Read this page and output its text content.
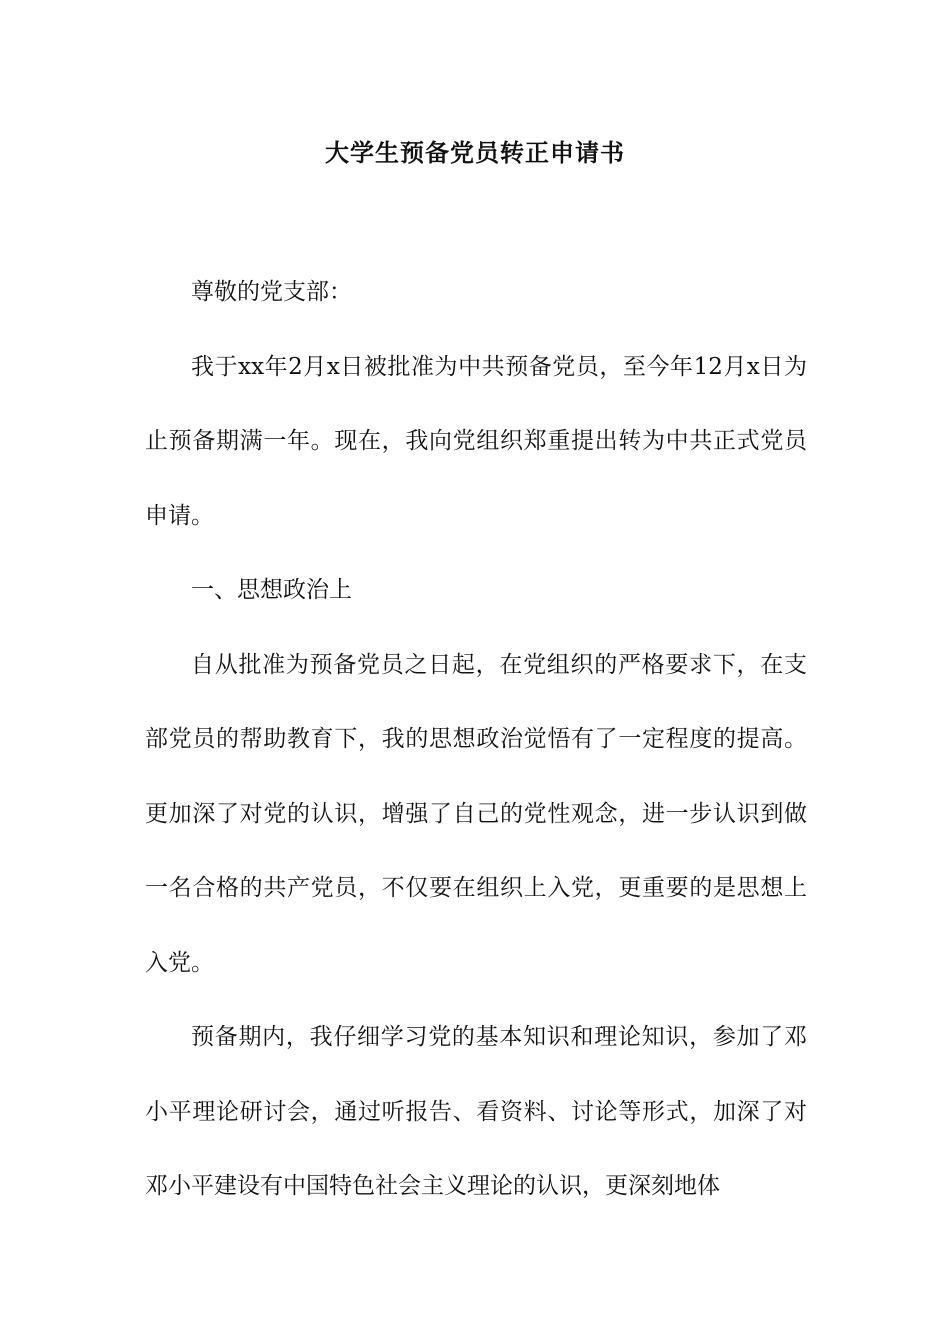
大学生预备党员转正申请书

尊敬的党支部：

我于xx年2月x日被批准为中共预备党员，至今年12月x日为止预备期满一年。现在，我向党组织郑重提出转为中共正式党员申请。

一、思想政治上

自从批准为预备党员之日起，在党组织的严格要求下，在支部党员的帮助教育下，我的思想政治觉悟有了一定程度的提高。更加深了对党的认识，增强了自己的党性观念，进一步认识到做一名合格的共产党员，不仅要在组织上入党，更重要的是思想上入党。

预备期内，我仔细学习党的基本知识和理论知识，参加了邓小平理论研讨会，通过听报告、看资料、讨论等形式，加深了对邓小平建设有中国特色社会主义理论的认识，更深刻地体
